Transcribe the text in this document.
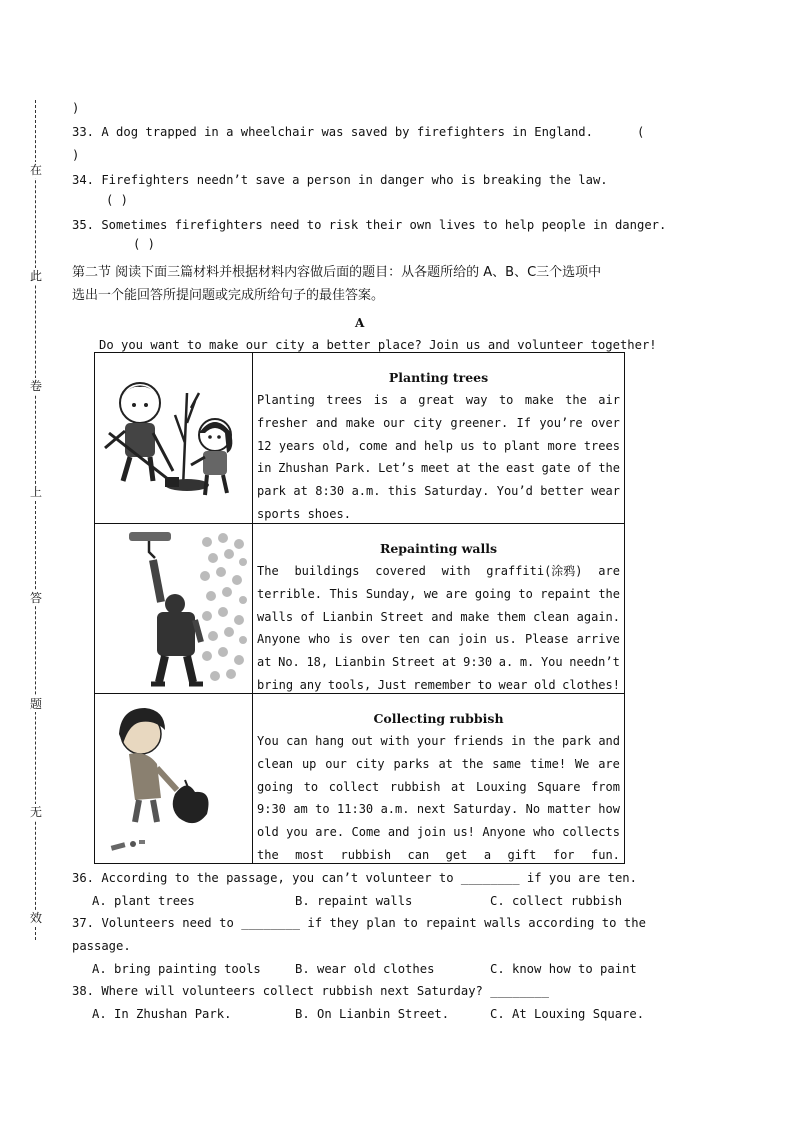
在
此
卷
上
答
题
无
效
)
33. A dog trapped in a wheelchair was saved by firefighters in England.	(
)
34. Firefighters needn’t save a person in danger who is breaking the law.
( )
35. Sometimes firefighters need to risk their own lives to help people in danger.
( )
第二节 阅读下面三篇材料并根据材料内容做后面的题目：从各题所给的 A、B、C三个选项中
选出一个能回答所提问题或完成所给句子的最佳答案。
A
Do you want to make our city a better place? Join us and volunteer together!
Planting trees
Planting trees is a great way to make the air
fresher and make our city greener. If you’re over
12 years old, come and help us to plant more trees
in Zhushan Park. Let’s meet at the east gate of the
park at 8:30 a.m. this Saturday. You’d better wear
sports shoes.
Repainting walls
The buildings covered with graffiti(涂鸦) are
terrible. This Sunday, we are going to repaint the
walls of Lianbin Street and make them clean again.
Anyone who is over ten can join us. Please arrive
at No. 18, Lianbin Street at 9:30 a. m. You needn’t
bring any tools, Just remember to wear old clothes!
Collecting rubbish
You can hang out with your friends in the park and
clean up our city parks at the same time! We are
going to collect rubbish at Louxing Square from
9:30 am to 11:30 a.m. next Saturday. No matter how
old you are. Come and join us! Anyone who collects
the most rubbish can get a gift for fun.
36. According to the passage, you can’t volunteer to ________ if you are ten.
A. plant trees	B. repaint walls	C. collect rubbish
37. Volunteers need to ________ if they plan to repaint walls according to the
passage.
A. bring painting tools	B. wear old clothes	C. know how to paint
38. Where will volunteers collect rubbish next Saturday? ________
A. In Zhushan Park.	B. On Lianbin Street.	C. At Louxing Square.
